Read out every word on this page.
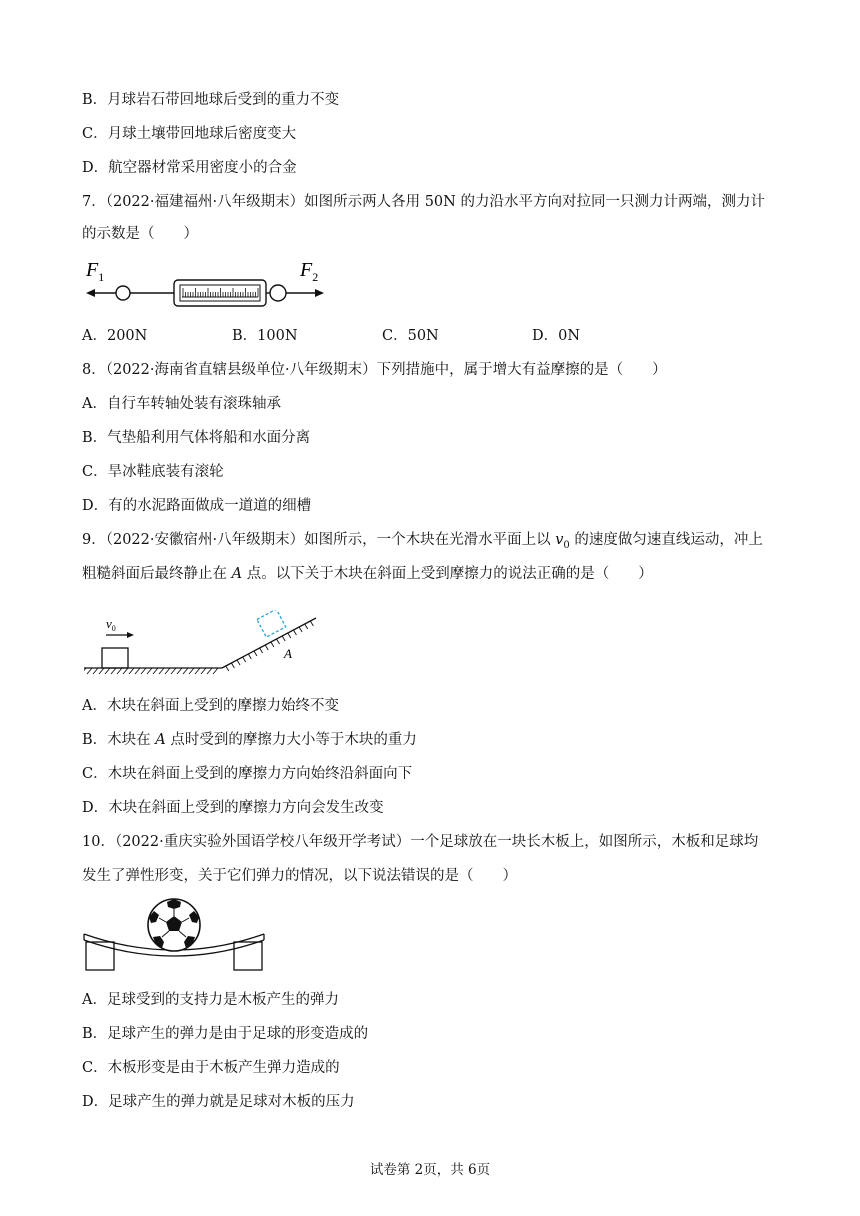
B．月球岩石带回地球后受到的重力不变
C．月球土壤带回地球后密度变大
D．航空器材常采用密度小的合金
7．（2022·福建福州·八年级期末）如图所示两人各用 50N 的力沿水平方向对拉同一只测力计两端，测力计
的示数是（　　）
$F_1$	$F_2$
A．200N	B．100N	C．50N	D．0N
8．（2022·海南省直辖县级单位·八年级期末）下列措施中，属于增大有益摩擦的是（　　）
A．自行车转轴处装有滚珠轴承
B．气垫船利用气体将船和水面分离
C．旱冰鞋底装有滚轮
D．有的水泥路面做成一道道的细槽
9．（2022·安徽宿州·八年级期末）如图所示，一个木块在光滑水平面上以 $v_0$ 的速度做匀速直线运动，冲上
粗糙斜面后最终静止在 A 点。以下关于木块在斜面上受到摩擦力的说法正确的是（　　）
$v_0$
A
A．木块在斜面上受到的摩擦力始终不变
B．木块在 A 点时受到的摩擦力大小等于木块的重力
C．木块在斜面上受到的摩擦力方向始终沿斜面向下
D．木块在斜面上受到的摩擦力方向会发生改变
10．（2022·重庆实验外国语学校八年级开学考试）一个足球放在一块长木板上，如图所示，木板和足球均
发生了弹性形变，关于它们弹力的情况，以下说法错误的是（　　）
A．足球受到的支持力是木板产生的弹力
B．足球产生的弹力是由于足球的形变造成的
C．木板形变是由于木板产生弹力造成的
D．足球产生的弹力就是足球对木板的压力
试卷第 2页，共 6页
